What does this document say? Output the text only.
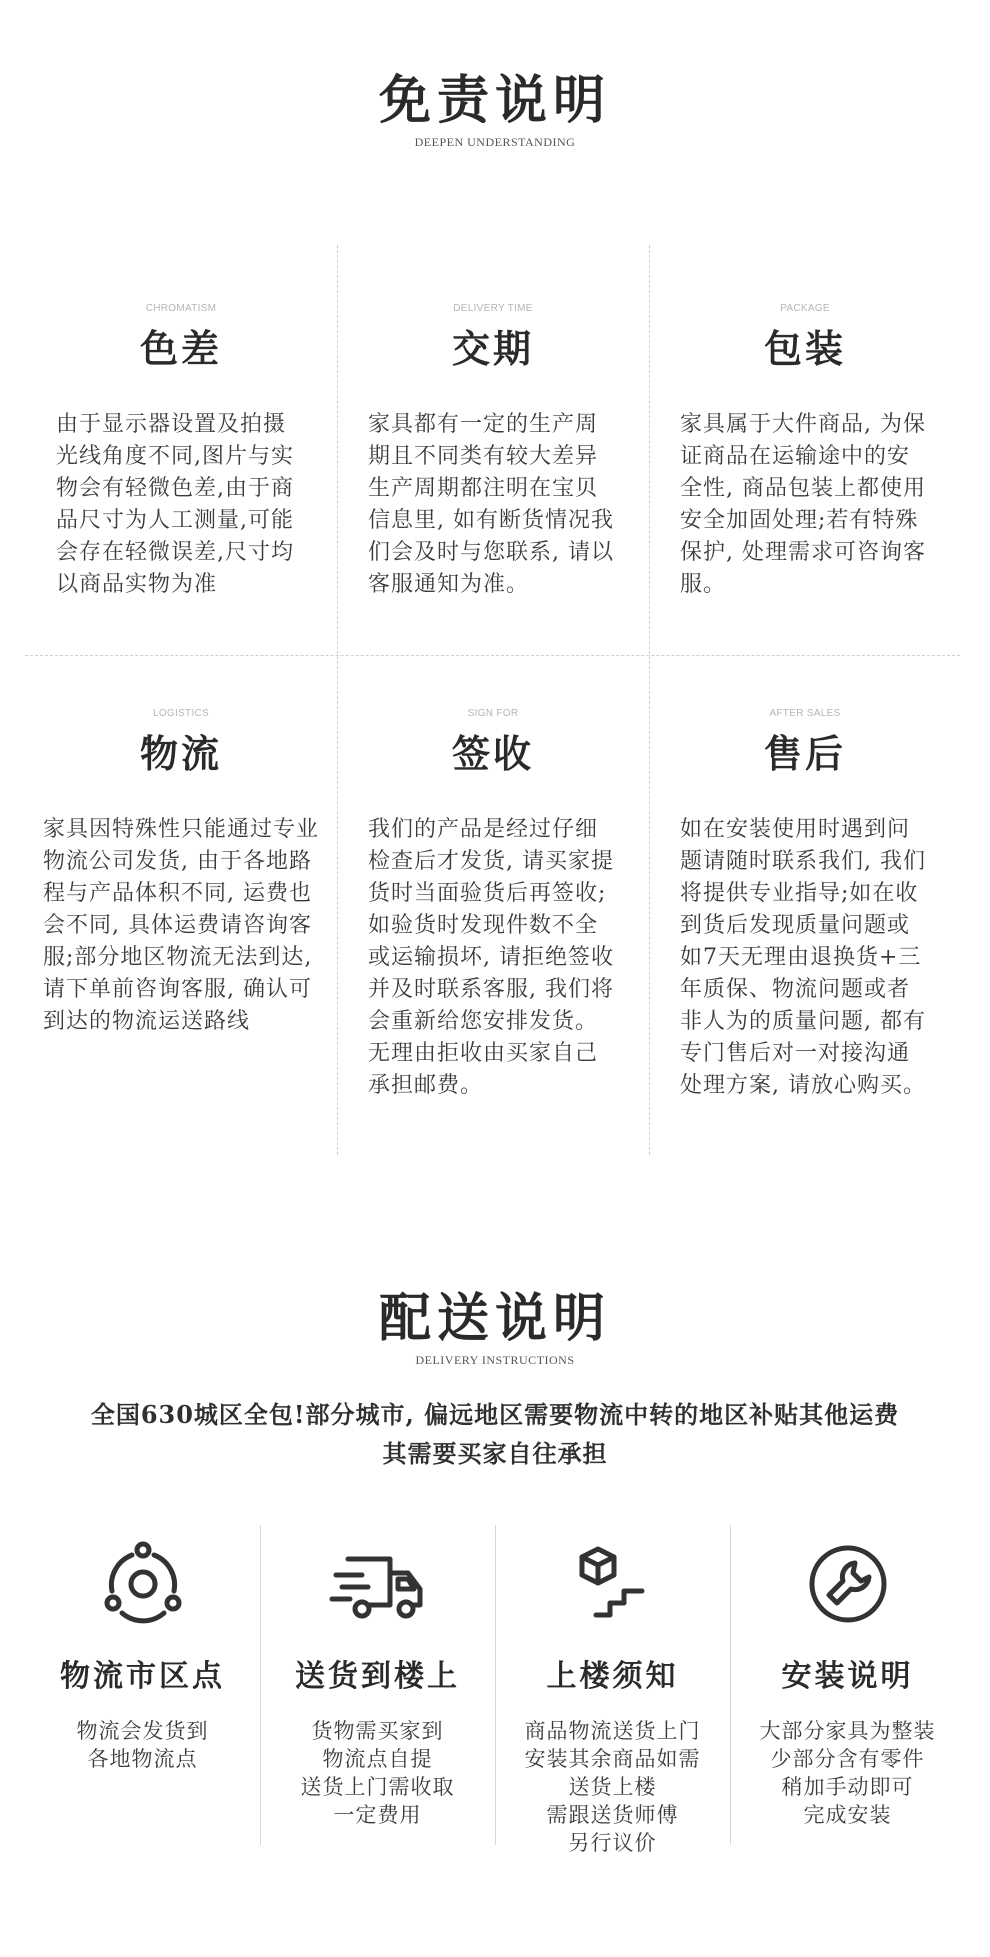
免责说明
DEEPEN UNDERSTANDING
CHROMATISM
色差
由于显示器设置及拍摄光线角度不同,图片与实物会有轻微色差,由于商品尺寸为人工测量,可能会存在轻微误差,尺寸均以商品实物为准
DELIVERY TIME
交期
家具都有一定的生产周期且不同类有较大差异生产周期都注明在宝贝信息里, 如有断货情况我们会及时与您联系, 请以客服通知为准。
PACKAGE
包装
家具属于大件商品, 为保证商品在运输途中的安全性, 商品包装上都使用安全加固处理;若有特殊保护, 处理需求可咨询客服。
LOGISTICS
物流
家具因特殊性只能通过专业物流公司发货, 由于各地路程与产品体积不同, 运费也会不同, 具体运费请咨询客服;部分地区物流无法到达, 请下单前咨询客服, 确认可到达的物流运送路线
SIGN FOR
签收
我们的产品是经过仔细检查后才发货, 请买家提货时当面验货后再签收;如验货时发现件数不全或运输损坏, 请拒绝签收并及时联系客服, 我们将会重新给您安排发货。无理由拒收由买家自己承担邮费。
AFTER SALES
售后
如在安装使用时遇到问题请随时联系我们, 我们将提供专业指导;如在收到货后发现质量问题或如7天无理由退换货+三年质保、物流问题或者非人为的质量问题, 都有专门售后对一对接沟通处理方案, 请放心购买。
配送说明
DELIVERY INSTRUCTIONS
全国630城区全包!部分城市, 偏远地区需要物流中转的地区补贴其他运费
其需要买家自往承担
物流市区点
物流会发货到
各地物流点
送货到楼上
货物需买家到
物流点自提
送货上门需收取
一定费用
上楼须知
商品物流送货上门
安装其余商品如需
送货上楼
需跟送货师傅
另行议价
安装说明
大部分家具为整装
少部分含有零件
稍加手动即可
完成安装
